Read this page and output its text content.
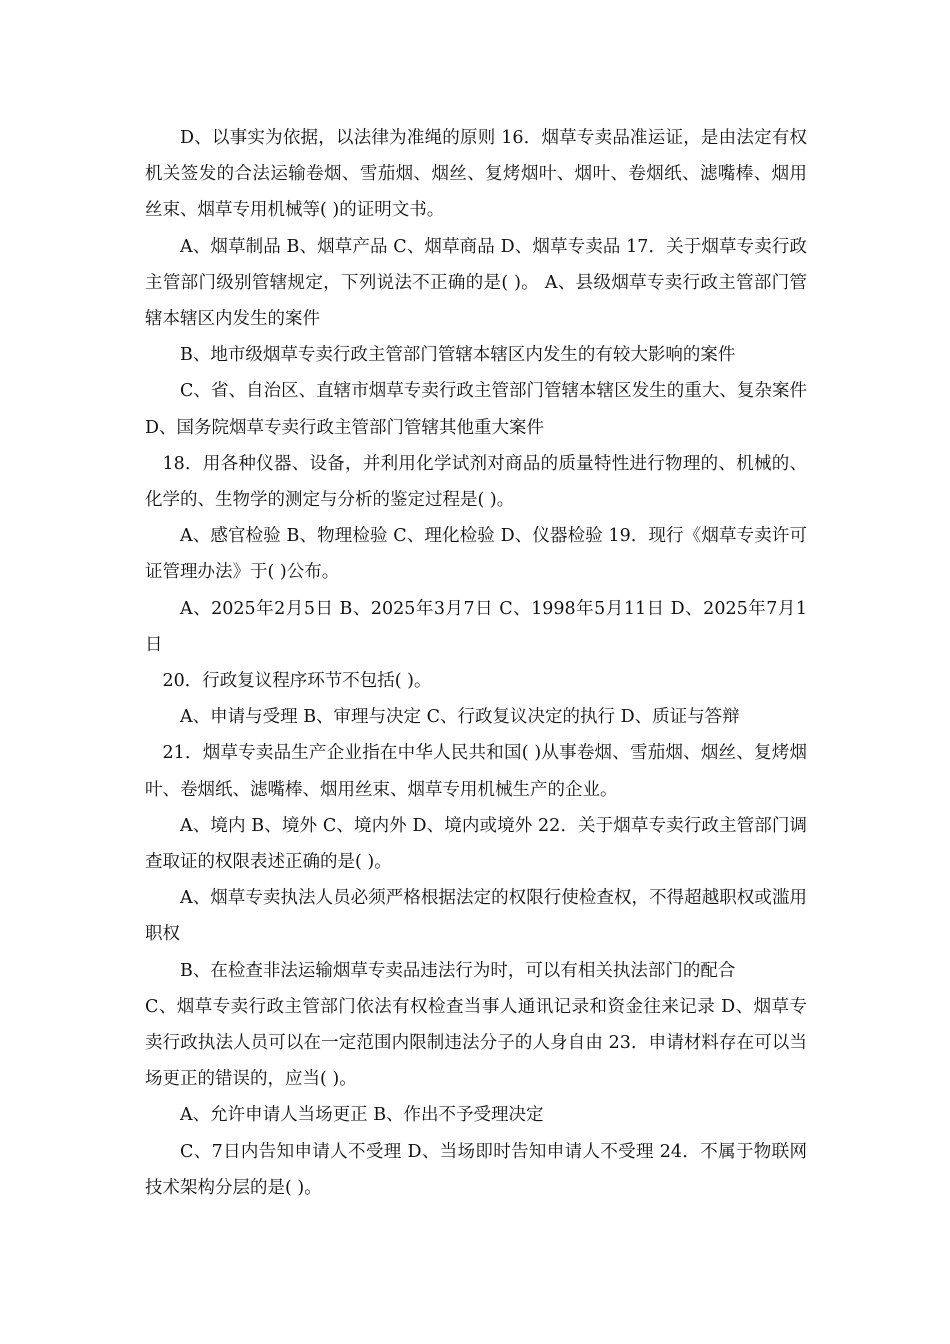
D、以事实为依据，以法律为准绳的原则 16．烟草专卖品准运证，是由法定有权机关签发的合法运输卷烟、雪茄烟、烟丝、复烤烟叶、烟叶、卷烟纸、滤嘴棒、烟用丝束、烟草专用机械等( )的证明文书。

A、烟草制品 B、烟草产品 C、烟草商品 D、烟草专卖品 17．关于烟草专卖行政主管部门级别管辖规定，下列说法不正确的是( )。 A、县级烟草专卖行政主管部门管辖本辖区内发生的案件

B、地市级烟草专卖行政主管部门管辖本辖区内发生的有较大影响的案件

C、省、自治区、直辖市烟草专卖行政主管部门管辖本辖区发生的重大、复杂案件 D、国务院烟草专卖行政主管部门管辖其他重大案件

18．用各种仪器、设备，并利用化学试剂对商品的质量特性进行物理的、机械的、化学的、生物学的测定与分析的鉴定过程是( )。

A、感官检验 B、物理检验 C、理化检验 D、仪器检验 19．现行《烟草专卖许可证管理办法》于( )公布。

A、2025年2月5日 B、2025年3月7日 C、1998年5月11日 D、2025年7月1日

20．行政复议程序环节不包括( )。

A、申请与受理 B、审理与决定 C、行政复议决定的执行 D、质证与答辩

21．烟草专卖品生产企业指在中华人民共和国( )从事卷烟、雪茄烟、烟丝、复烤烟叶、卷烟纸、滤嘴棒、烟用丝束、烟草专用机械生产的企业。

A、境内 B、境外 C、境内外 D、境内或境外 22．关于烟草专卖行政主管部门调查取证的权限表述正确的是( )。

A、烟草专卖执法人员必须严格根据法定的权限行使检查权，不得超越职权或滥用职权

B、在检查非法运输烟草专卖品违法行为时，可以有相关执法部门的配合

C、烟草专卖行政主管部门依法有权检查当事人通讯记录和资金往来记录 D、烟草专卖行政执法人员可以在一定范围内限制违法分子的人身自由 23．申请材料存在可以当场更正的错误的，应当( )。

A、允许申请人当场更正 B、作出不予受理决定

C、7日内告知申请人不受理 D、当场即时告知申请人不受理 24．不属于物联网技术架构分层的是( )。
